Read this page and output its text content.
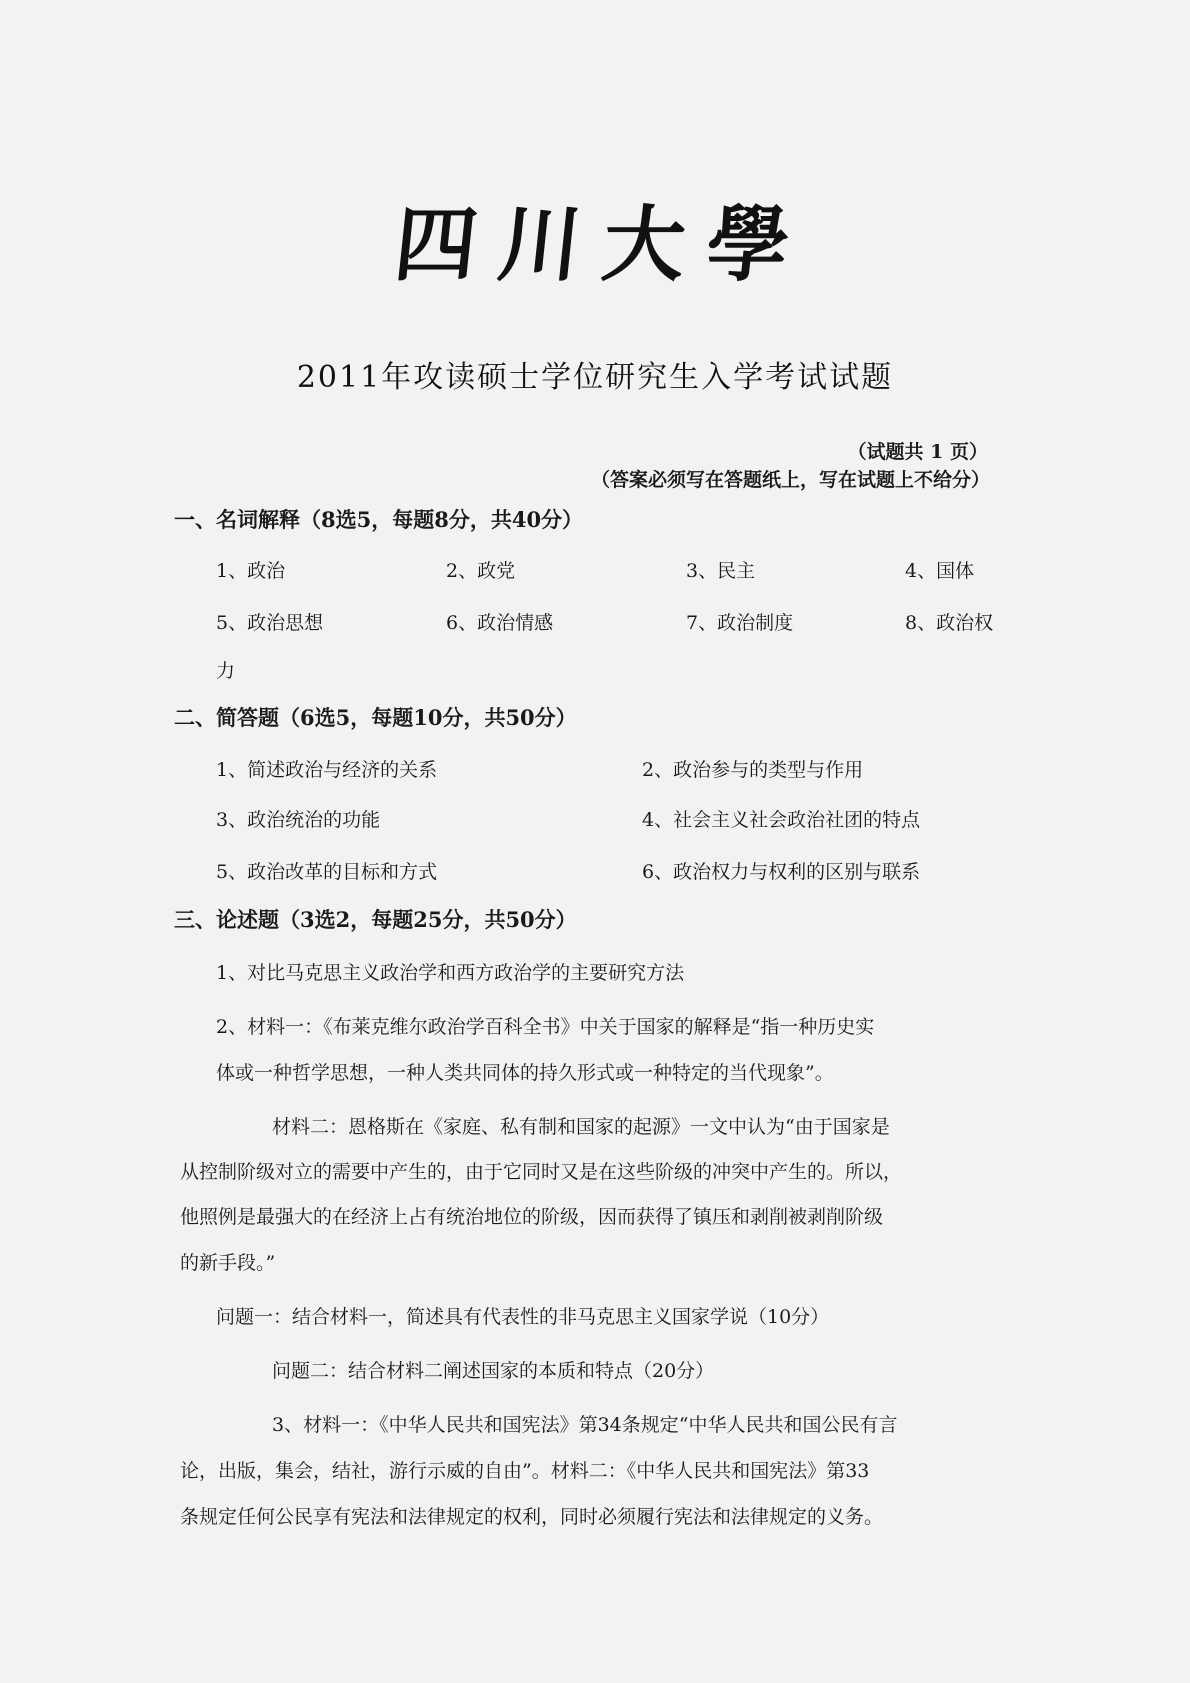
四川大學
2011年攻读硕士学位研究生入学考试试题
（试题共 1 页）
（答案必须写在答题纸上，写在试题上不给分）
一、名词解释（8选5，每题8分，共40分）
1、政治	2、政党	3、民主	4、国体
5、政治思想	6、政治情感	7、政治制度	8、政治权
力
二、简答题（6选5，每题10分，共50分）
1、简述政治与经济的关系	2、政治参与的类型与作用
3、政治统治的功能	4、社会主义社会政治社团的特点
5、政治改革的目标和方式	6、政治权力与权利的区别与联系
三、论述题（3选2，每题25分，共50分）
1、对比马克思主义政治学和西方政治学的主要研究方法
2、材料一：《布莱克维尔政治学百科全书》中关于国家的解释是“指一种历史实
体或一种哲学思想，一种人类共同体的持久形式或一种特定的当代现象”。
材料二：恩格斯在《家庭、私有制和国家的起源》一文中认为“由于国家是
从控制阶级对立的需要中产生的，由于它同时又是在这些阶级的冲突中产生的。所以，
他照例是最强大的在经济上占有统治地位的阶级，因而获得了镇压和剥削被剥削阶级
的新手段。”
问题一：结合材料一，简述具有代表性的非马克思主义国家学说（10分）
问题二：结合材料二阐述国家的本质和特点（20分）
3、材料一：《中华人民共和国宪法》第34条规定“中华人民共和国公民有言
论，出版，集会，结社，游行示威的自由”。材料二：《中华人民共和国宪法》第33
条规定任何公民享有宪法和法律规定的权利，同时必须履行宪法和法律规定的义务。
